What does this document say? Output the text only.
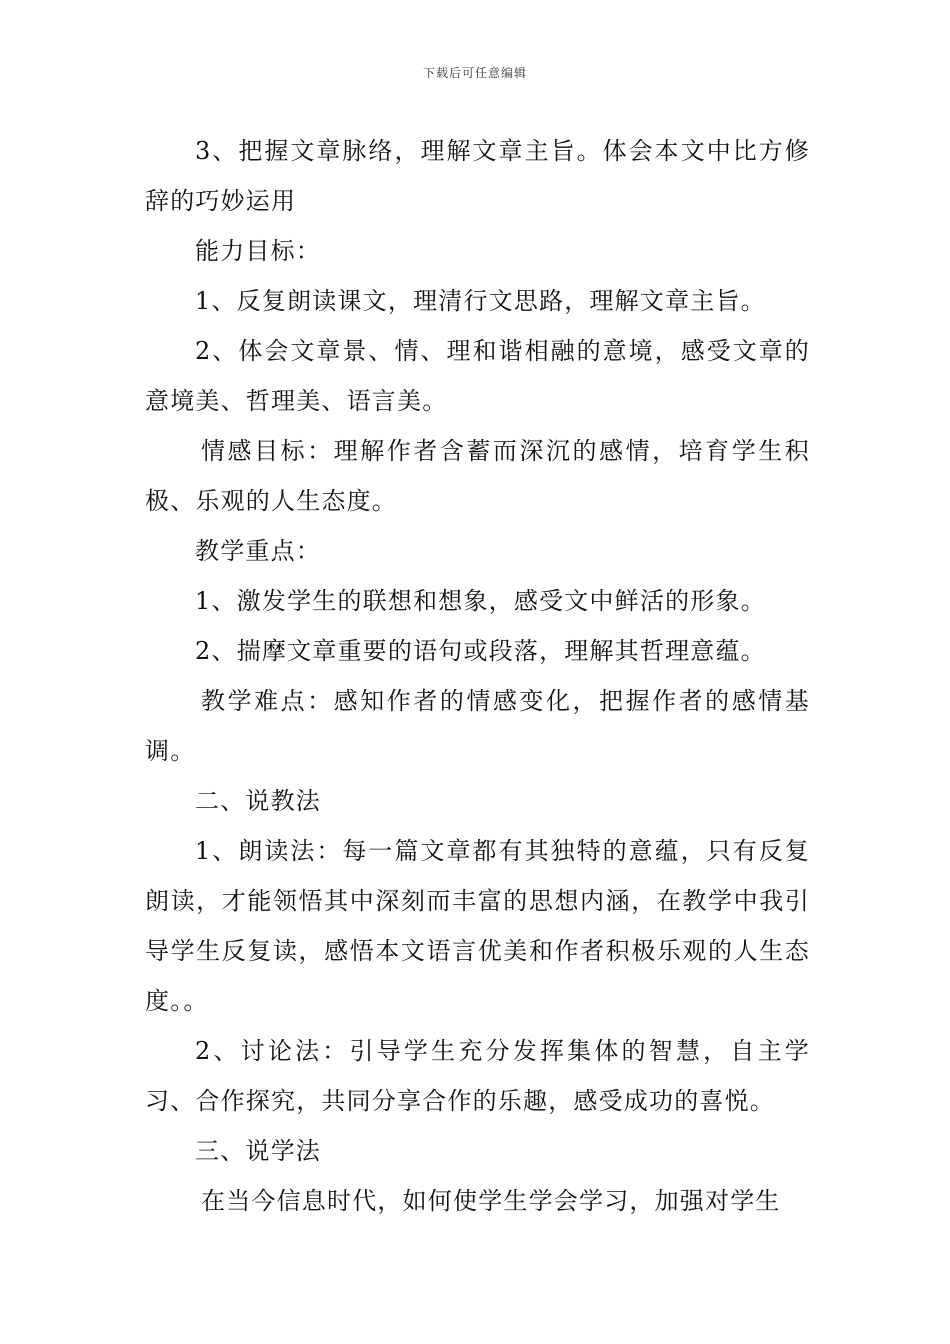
下载后可任意编辑

3、把握文章脉络，理解文章主旨。体会本文中比方修辞的巧妙运用

能力目标：

1、反复朗读课文，理清行文思路，理解文章主旨。

2、体会文章景、情、理和谐相融的意境，感受文章的意境美、哲理美、语言美。

情感目标：理解作者含蓄而深沉的感情，培育学生积极、乐观的人生态度。

教学重点：

1、激发学生的联想和想象，感受文中鲜活的形象。

2、揣摩文章重要的语句或段落，理解其哲理意蕴。

教学难点：感知作者的情感变化，把握作者的感情基调。

二、说教法

1、朗读法：每一篇文章都有其独特的意蕴，只有反复朗读，才能领悟其中深刻而丰富的思想内涵，在教学中我引导学生反复读，感悟本文语言优美和作者积极乐观的人生态度。。

2、讨论法：引导学生充分发挥集体的智慧，自主学习、合作探究，共同分享合作的乐趣，感受成功的喜悦。

三、说学法

在当今信息时代，如何使学生学会学习，加强对学生
